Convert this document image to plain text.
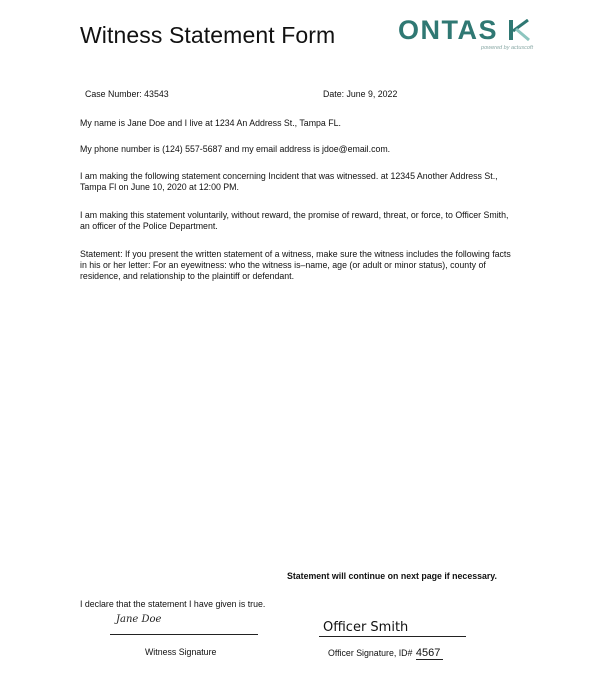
Witness Statement Form ONTAS
powered by actuscoft
Case Number: 43543	Date: June 9, 2022

My name is Jane Doe and I live at 1234 An Address St., Tampa FL.

My phone number is (124) 557-5687 and my email address is jdoe@email.com.

I am making the following statement concerning Incident that was witnessed. at 12345 Another Address St., Tampa Fl on June 10, 2020 at 12:00 PM.

I am making this statement voluntarily, without reward, the promise of reward, threat, or force, to Officer Smith, an officer of the Police Department.

Statement: If you present the written statement of a witness, make sure the witness includes the following facts in his or her letter: For an eyewitness: who the witness is–name, age (or adult or minor status), county of residence, and relationship to the plaintiff or defendant.

Statement will continue on next page if necessary.
I declare that the statement I have given is true.
Jane Doe
Witness Signature
Officer Smith
Officer Signature, ID# 4567
